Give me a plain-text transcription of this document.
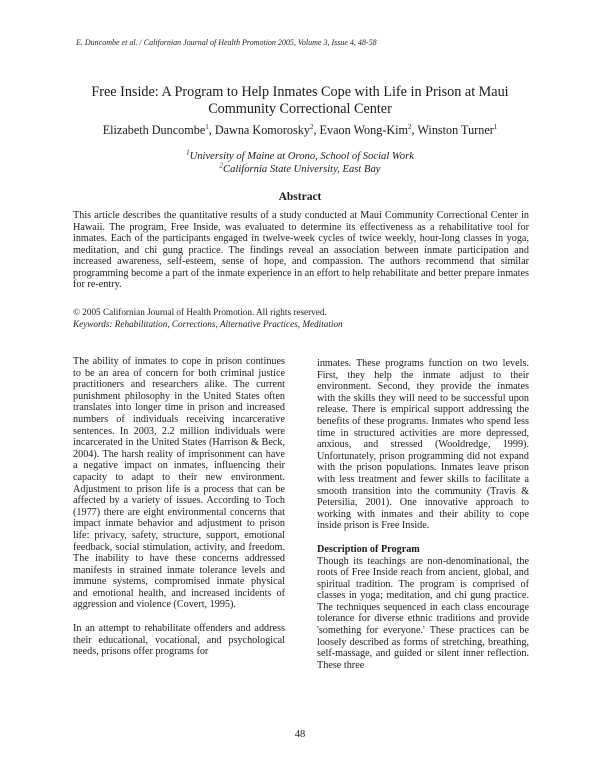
E. Duncombe et al. / Californian Journal of Health Promotion 2005, Volume 3, Issue 4, 48-58
Free Inside: A Program to Help Inmates Cope with Life in Prison at Maui Community Correctional Center
Elizabeth Duncombe$^1$, Dawna Komorosky$^2$, Evaon Wong-Kim$^2$, Winston Turner$^1$
$^1$University of Maine at Orono, School of Social Work
$^2$California State University, East Bay
Abstract
This article describes the quantitative results of a study conducted at Maui Community Correctional Center in Hawaii. The program, Free Inside, was evaluated to determine its effectiveness as a rehabilitative tool for inmates. Each of the participants engaged in twelve-week cycles of twice weekly, hour-long classes in yoga, meditation, and chi gung practice. The findings reveal an association between inmate participation and increased awareness, self-esteem, sense of hope, and compassion. The authors recommend that similar programming become a part of the inmate experience in an effort to help rehabilitate and better prepare inmates for re-entry.
© 2005 Californian Journal of Health Promotion. All rights reserved.
Keywords: Rehabilitation, Corrections, Alternative Practices, Meditation

The ability of inmates to cope in prison continues to be an area of concern for both criminal justice practitioners and researchers alike. The current punishment philosophy in the United States often translates into longer time in prison and increased numbers of individuals receiving incarcerative sentences. In 2003, 2.2 million individuals were incarcerated in the United States (Harrison & Beck, 2004). The harsh reality of imprisonment can have a negative impact on inmates, influencing their capacity to adapt to their new environment. Adjustment to prison life is a process that can be affected by a variety of issues. According to Toch (1977) there are eight environmental concerns that impact inmate behavior and adjustment to prison life: privacy, safety, structure, support, emotional feedback, social stimulation, activity, and freedom. The inability to have these concerns addressed manifests in strained inmate tolerance levels and immune systems, compromised inmate physical and emotional health, and increased incidents of aggression and violence (Covert, 1995).

In an attempt to rehabilitate offenders and address their educational, vocational, and psychological needs, prisons offer programs for

inmates. These programs function on two levels. First, they help the inmate adjust to their environment. Second, they provide the inmates with the skills they will need to be successful upon release. There is empirical support addressing the benefits of these programs. Inmates who spend less time in structured activities are more depressed, anxious, and stressed (Wooldredge, 1999). Unfortunately, prison programming did not expand with the prison populations. Inmates leave prison with less treatment and fewer skills to facilitate a smooth transition into the community (Travis & Petersilia, 2001). One innovative approach to working with inmates and their ability to cope inside prison is Free Inside.

Description of Program

Though its teachings are non-denominational, the roots of Free Inside reach from ancient, global, and spiritual tradition. The program is comprised of classes in yoga; meditation, and chi gung practice. The techniques sequenced in each class encourage tolerance for diverse ethnic traditions and provide 'something for everyone.' These practices can be loosely described as forms of stretching, breathing, self-massage, and guided or silent inner reflection. These three

48
